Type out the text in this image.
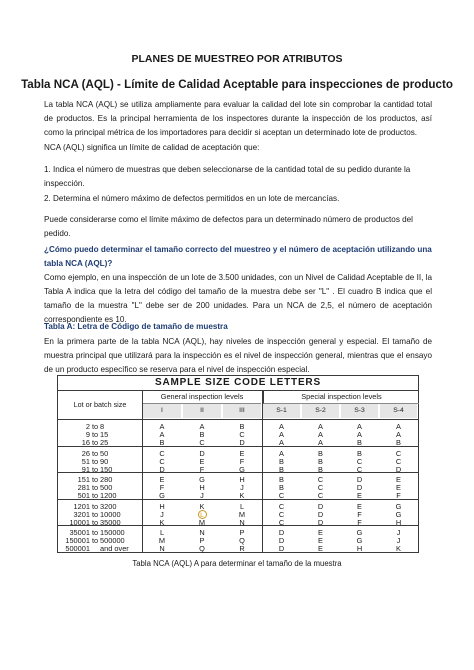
PLANES DE MUESTREO POR ATRIBUTOS
Tabla NCA (AQL) - Límite de Calidad Aceptable para inspecciones de producto
La tabla NCA (AQL) se utiliza ampliamente para evaluar la calidad del lote sin comprobar la cantidad total de productos. Es la principal herramienta de los inspectores durante la inspección de los productos, así como la principal métrica de los importadores para decidir si aceptan un determinado lote de productos.
NCA (AQL) significa un límite de calidad de aceptación que:
1. Indica el número de muestras que deben seleccionarse de la cantidad total de su pedido durante la inspección.
2. Determina el número máximo de defectos permitidos en un lote de mercancías.
Puede considerarse como el límite máximo de defectos para un determinado número de productos del pedido.
¿Cómo puedo determinar el tamaño correcto del muestreo y el número de aceptación utilizando una tabla NCA (AQL)?
Como ejemplo, en una inspección de un lote de 3.500 unidades, con un Nivel de Calidad Aceptable de II, la Tabla A indica que la letra del código del tamaño de la muestra debe ser "L" . El cuadro B indica que el tamaño de la muestra "L" debe ser de 200 unidades. Para un NCA de 2,5, el número de aceptación correspondiente es 10.
Tabla A: Letra de Código de tamaño de muestra
En la primera parte de la tabla NCA (AQL), hay niveles de inspección general y especial. El tamaño de muestra principal que utilizará para la inspección es el nivel de inspección general, mientras que el ensayo de un producto específico se reserva para el nivel de inspección especial.
SAMPLE SIZE CODE LETTERS
Lot or batch size
General inspection levels	Special inspection levels
I	II	III	S-1	S-2	S-3	S-4
2 to 8	A	A	B	A	A	A	A
9 to 15	A	B	C	A	A	A	A
16 to 25	B	C	D	A	A	B	B
26 to 50	C	D	E	A	B	B	C
51 to 90	C	E	F	B	B	C	C
91 to 150	D	F	G	B	B	C	D
151 to 280	E	G	H	B	C	D	E
281 to 500	F	H	J	B	C	D	E
501 to 1200	G	J	K	C	C	E	F
1201 to 3200	H	K	L	C	D	E	G
3201 to 10000	J	L	M	C	D	F	G
10001 to 35000	K	M	N	C	D	F	H
35001 to 150000	L	N	P	D	E	G	J
150001 to 500000	M	P	Q	D	E	G	J
500001 and over	N	Q	R	D	E	H	K
Tabla NCA (AQL) A para determinar el tamaño de la muestra
